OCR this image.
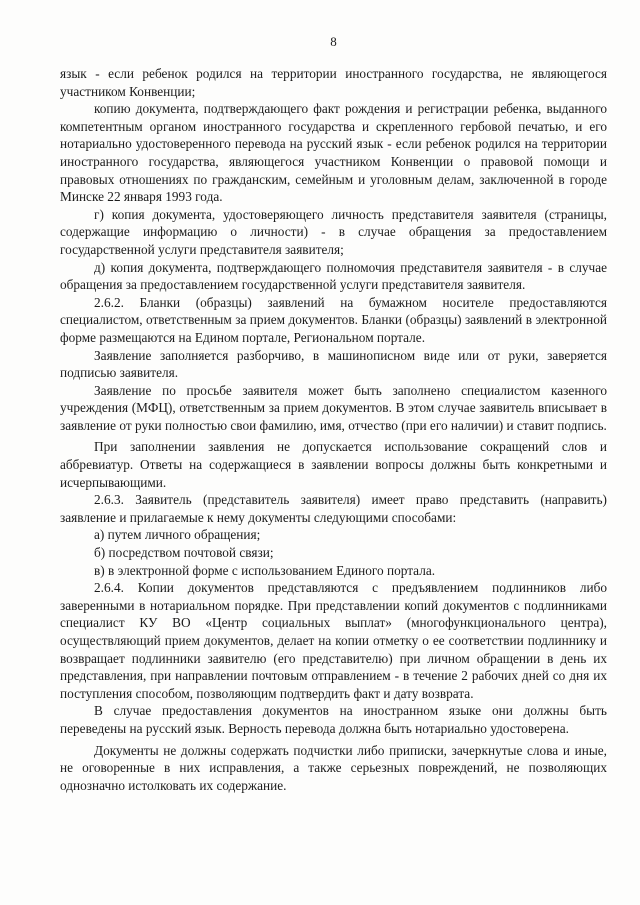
8

язык - если ребенок родился на территории иностранного государства, не являющегося участником Конвенции;

копию документа, подтверждающего факт рождения и регистрации ребенка, выданного компетентным органом иностранного государства и скрепленного гербовой печатью, и его нотариально удостоверенного перевода на русский язык - если ребенок родился на территории иностранного государства, являющегося участником Конвенции о правовой помощи и правовых отношениях по гражданским, семейным и уголовным делам, заключенной в городе Минске 22 января 1993 года.

г) копия документа, удостоверяющего личность представителя заявителя (страницы, содержащие информацию о личности) - в случае обращения за предоставлением государственной услуги представителя заявителя;

д) копия документа, подтверждающего полномочия представителя заявителя - в случае обращения за предоставлением государственной услуги представителя заявителя.

2.6.2. Бланки (образцы) заявлений на бумажном носителе предоставляются специалистом, ответственным за прием документов. Бланки (образцы) заявлений в электронной форме размещаются на Едином портале, Региональном портале.

Заявление заполняется разборчиво, в машинописном виде или от руки, заверяется подписью заявителя.

Заявление по просьбе заявителя может быть заполнено специалистом казенного учреждения (МФЦ), ответственным за прием документов. В этом случае заявитель вписывает в заявление от руки полностью свои фамилию, имя, отчество (при его наличии) и ставит подпись.

При заполнении заявления не допускается использование сокращений слов и аббревиатур. Ответы на содержащиеся в заявлении вопросы должны быть конкретными и исчерпывающими.

2.6.3. Заявитель (представитель заявителя) имеет право представить (направить) заявление и прилагаемые к нему документы следующими способами:

а) путем личного обращения;

б) посредством почтовой связи;

в) в электронной форме с использованием Единого портала.

2.6.4. Копии документов представляются с предъявлением подлинников либо заверенными в нотариальном порядке. При представлении копий документов с подлинниками специалист КУ ВО «Центр социальных выплат» (многофункционального центра), осуществляющий прием документов, делает на копии отметку о ее соответствии подлиннику и возвращает подлинники заявителю (его представителю) при личном обращении в день их представления, при направлении почтовым отправлением - в течение 2 рабочих дней со дня их поступления способом, позволяющим подтвердить факт и дату возврата.

В случае предоставления документов на иностранном языке они должны быть переведены на русский язык. Верность перевода должна быть нотариально удостоверена.

Документы не должны содержать подчистки либо приписки, зачеркнутые слова и иные, не оговоренные в них исправления, а также серьезных повреждений, не позволяющих однозначно истолковать их содержание.
